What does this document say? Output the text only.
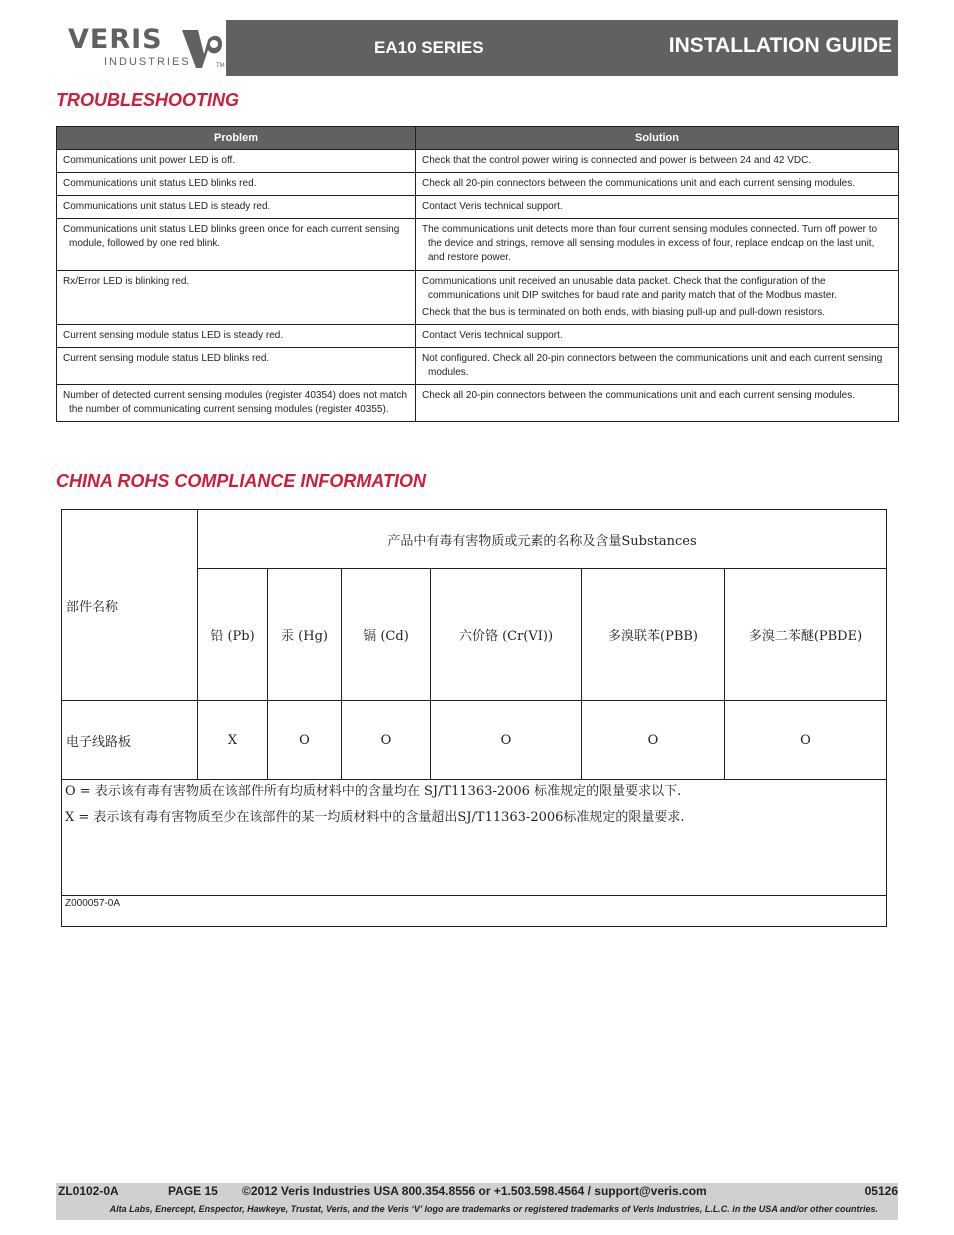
VERIS
INDUSTRIES	TM
EA10 SERIES	INSTALLATION GUIDE
TROUBLESHOOTING
Problem	Solution

Communications unit power LED is off.	Check that the control power wiring is connected and power is between 24 and 42 VDC.

Communications unit status LED blinks red.	Check all 20-pin connectors between the communications unit and each current sensing modules.

Communications unit status LED is steady red.	Contact Veris technical support.

Communications unit status LED blinks green once for each current sensing module, followed by one red blink.	The communications unit detects more than four current sensing modules connected. Turn off power to the device and strings, remove all sensing modules in excess of four, replace endcap on the last unit, and restore power.

Rx/Error LED is blinking red.	Communications unit received an unusable data packet. Check that the configuration of the communications unit DIP switches for baud rate and parity match that of the Modbus master.

Check that the bus is terminated on both ends, with biasing pull-up and pull-down resistors.

Current sensing module status LED is steady red.	Contact Veris technical support.

Current sensing module status LED blinks red.	Not configured. Check all 20-pin connectors between the communications unit and each current sensing modules.

Number of detected current sensing modules (register 40354) does not match the number of communicating current sensing modules (register 40355).	Check all 20-pin connectors between the communications unit and each current sensing modules.

CHINA ROHS COMPLIANCE INFORMATION
部件名称
产品中有毒有害物质或元素的名称及含量Substances
铅 (Pb)	汞 (Hg)	镉 (Cd)	六价铬 (Cr(VI))	多溴联苯(PBB)	多溴二苯醚(PBDE)
电子线路板	X	O	O	O	O	O
O = 表示该有毒有害物质在该部件所有均质材料中的含量均在 SJ/T11363-2006 标准规定的限量要求以下.
X = 表示该有毒有害物质至少在该部件的某一均质材料中的含量超出SJ/T11363-2006标准规定的限量要求.
Z000057-0A
ZL0102-0A	PAGE 15 ©2012 Veris Industries USA 800.354.8556 or +1.503.598.4564 / support@veris.com	05126
Alta Labs, Enercept, Enspector, Hawkeye, Trustat, Veris, and the Veris ‘V’ logo are trademarks or registered trademarks of Veris Industries, L.L.C. in the USA and/or other countries.
